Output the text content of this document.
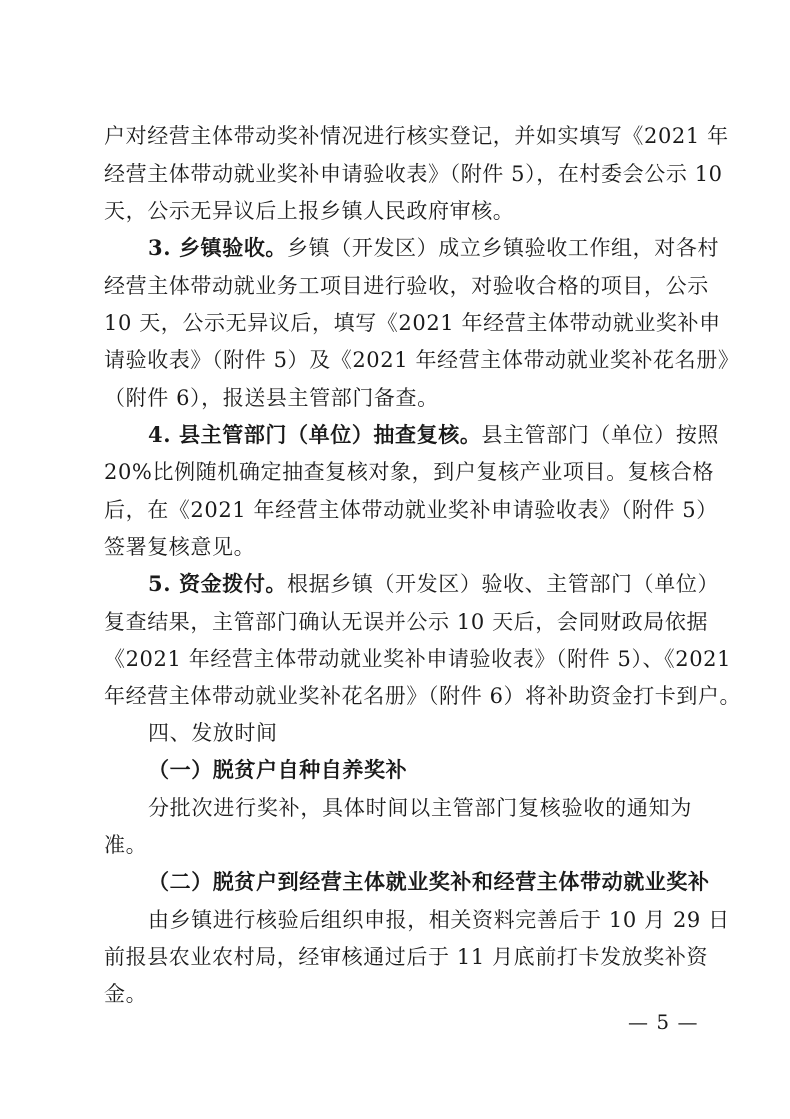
户对经营主体带动奖补情况进行核实登记，并如实填写《2021 年
经营主体带动就业奖补申请验收表》（附件 5），在村委会公示 10
天，公示无异议后上报乡镇人民政府审核。
3. 乡镇验收。乡镇（开发区）成立乡镇验收工作组，对各村
经营主体带动就业务工项目进行验收，对验收合格的项目，公示
10 天，公示无异议后，填写《2021 年经营主体带动就业奖补申
请验收表》（附件 5）及《2021 年经营主体带动就业奖补花名册》
（附件 6），报送县主管部门备查。
4. 县主管部门（单位）抽查复核。县主管部门（单位）按照
20%比例随机确定抽查复核对象，到户复核产业项目。复核合格
后，在《2021 年经营主体带动就业奖补申请验收表》（附件 5）
签署复核意见。
5. 资金拨付。根据乡镇（开发区）验收、主管部门（单位）
复查结果，主管部门确认无误并公示 10 天后，会同财政局依据
《2021 年经营主体带动就业奖补申请验收表》（附件 5）、《2021
年经营主体带动就业奖补花名册》（附件 6）将补助资金打卡到户。
四、发放时间
（一）脱贫户自种自养奖补
分批次进行奖补，具体时间以主管部门复核验收的通知为
准。
（二）脱贫户到经营主体就业奖补和经营主体带动就业奖补
由乡镇进行核验后组织申报，相关资料完善后于 10 月 29 日
前报县农业农村局，经审核通过后于 11 月底前打卡发放奖补资
金。
— 5 —
